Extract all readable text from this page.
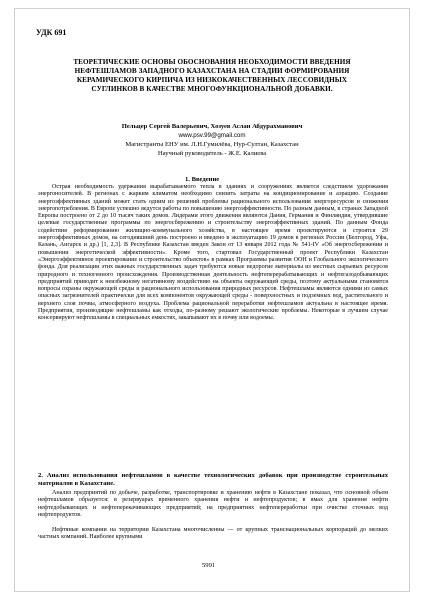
УДК 691
ТЕОРЕТИЧЕСКИЕ ОСНОВЫ ОБОСНОВАНИЯ НЕОБХОДИМОСТИ ВВЕДЕНИЯ НЕФТЕШЛАМОВ ЗАПАДНОГО КАЗАХСТАНА НА СТАДИИ ФОРМИРОВАНИЯ КЕРАМИЧЕСКОГО КИРПИЧА ИЗ НИЗКОКАЧЕСТВЕННЫХ ЛЕССОВИДНЫХ СУГЛИНКОВ В КАЧЕСТВЕ МНОГОФУНКЦИОНАЛЬНОЙ ДОБАВКИ.
Пельцер Сергей Валерьевич, Хозуев Аслан Абдурахманович
www.psv.99@gmail.com
Магистранты ЕНУ им. Л.Н.Гумилёва, Нур-Султан, Казахстан
Научный руководитель - Ж.Е. Калиева
1. Введение
Острая необходимость удержания вырабатываемого тепла в зданиях и сооружениях является следствием удорожания энергоносителей. В регионах с жарким климатом необходимо снизить затраты на кондиционирование и аэрацию. Создание энергоэффективных зданий может стать одним из решений проблемы рационального использования энергоресурсов и снижения энергопотребления. В Европе успешно ведутся работы по повышению энергоэффективности. По разным данным, в странах Западной Европы построено от 2 до 10 тысяч таких домов. Лидерами этого движения являются Дания, Германия и Финляндия, утвердившие целевые государственные программы по энергосбережению и строительству энергоэффективных зданий. По данным Фонда содействия реформированию жилищно-коммунального хозяйства, в настоящее время проектируются и строятся 29 энергоэффективных домов, на сегодняшний день построено и введено в эксплуатацию 19 домов в регионах России (Белгород, Уфа, Казань, Ангарск и др.) [1, 2,3]. В Республике Казахстан введен Закон от 13 января 2012 года № 541-IV «Об энергосбережении и повышении энергетической эффективности». Кроме того, стартовал Государственный проект Республики Казахстан «Энергоэффективное проектирование и строительство объектов» в рамках Программы развития ООН и Глобального экологического фонда. Для реализации этих важных государственных задач требуются новые недорогие материалы из местных сырьевых ресурсов природного и техногенного происхождения. Производственная деятельность нефтеперерабатывающих и нефтегазодобывающих предприятий приводит к неизбежному негативному воздействию на объекты окружающей среды, поэтому актуальными становятся вопросы охраны окружающей среды и рационального использования природных ресурсов. Нефтешламы являются одними из самых опасных загрязнителей практически для всех компонентов окружающей среды - поверхностных и подземных вод, растительного и верхнего слоя почвы, атмосферного воздуха. Проблема рациональной переработки нефтешламов актуальна в настоящее время. Предприятия, производящие нефтешламы как отходы, по-разному решают экологические проблемы. Некоторые в лучшем случае консервируют нефтешламы в специальных емкостях, закапывают их в почву или водоемы.
2. Анализ использования нефтешламов в качестве технологических добавок при производстве строительных материалов в Казахстане.
Анализ предприятий по добыче, разработке, транспортировке и хранению нефти в Казахстане показал, что основной объем нефтешламов образуется: в резервуарах временного хранения нефти и нефтепродуктов; в ямах для хранения нефти нефтедобывающих и нефтеперекачивающих предприятий; на предприятиях нефтепереработки при очистке сточных вод нефтепродуктов.
Нефтяные компании на территории Казахстана многочисленны — от крупных транснациональных корпораций до мелких частных компаний. Наиболее крупными
5991
